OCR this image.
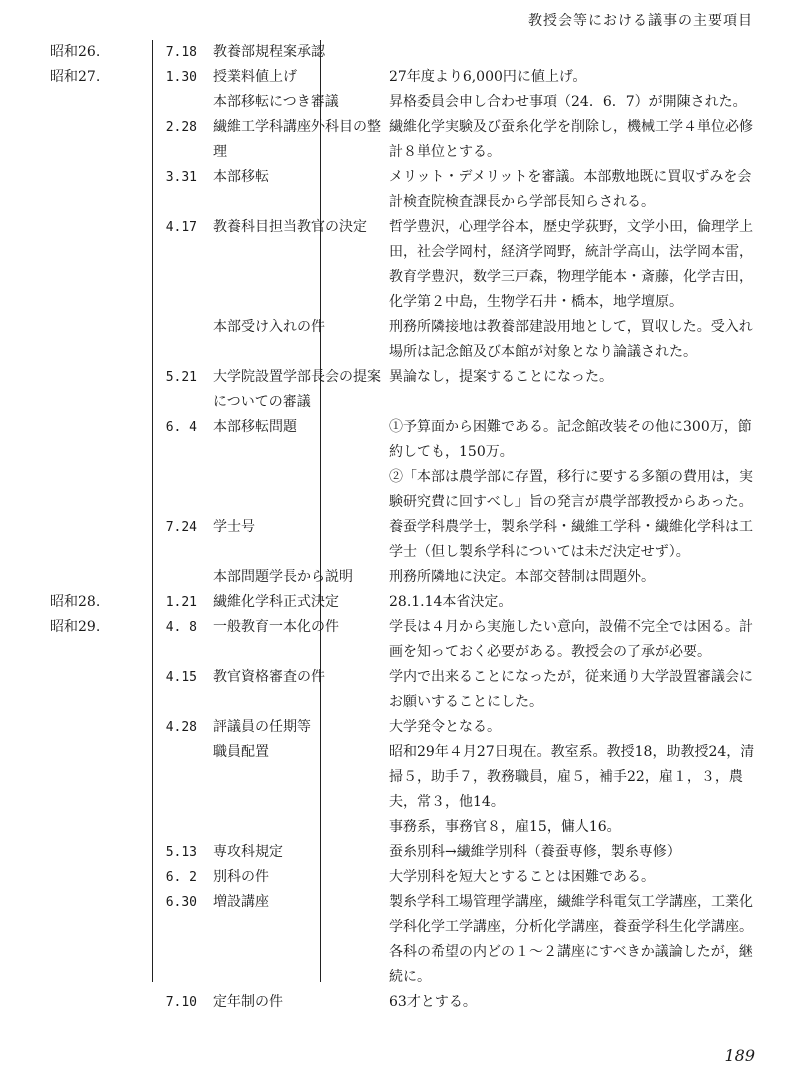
教授会等における議事の主要項目
昭和26.	7.18	教養部規程案承認	
昭和27.	1.30	授業料値上げ	27年度より6,000円に値上げ。
		本部移転につき審議	昇格委員会申し合わせ事項（24．6．7）が開陳された。
	2.28	繊維工学科講座外科目の整理	繊維化学実験及び蚕糸化学を削除し，機械工学４単位必修計８単位とする。
	3.31	本部移転	メリット・デメリットを審議。本部敷地既に買収ずみを会計検査院検査課長から学部長知らされる。
	4.17	教養科目担当教官の決定	哲学豊沢，心理学谷本，歴史学荻野，文学小田，倫理学上田，社会学岡村，経済学岡野，統計学高山，法学岡本雷，教育学豊沢，数学三戸森，物理学能本・斎藤，化学吉田，化学第２中島，生物学石井・橋本，地学壇原。
		本部受け入れの件	刑務所隣接地は教養部建設用地として，買収した。受入れ場所は記念館及び本館が対象となり論議された。
	5.21	大学院設置学部長会の提案についての審議	異論なし，提案することになった。
	6. 4	本部移転問題	①予算面から困難である。記念館改装その他に300万，節約しても，150万。
			②「本部は農学部に存置，移行に要する多額の費用は，実験研究費に回すべし」旨の発言が農学部教授からあった。
	7.24	学士号	養蚕学科農学士，製糸学科・繊維工学科・繊維化学科は工学士（但し製糸学科については未だ決定せず）。
		本部問題学長から説明	刑務所隣地に決定。本部交替制は問題外。
昭和28.	1.21	繊維化学科正式決定	28.1.14本省決定。
昭和29.	4. 8	一般教育一本化の件	学長は４月から実施したい意向，設備不完全では困る。計画を知っておく必要がある。教授会の了承が必要。
	4.15	教官資格審査の件	学内で出来ることになったが，従来通り大学設置審議会にお願いすることにした。
	4.28	評議員の任期等	大学発令となる。
		職員配置	昭和29年４月27日現在。教室系。教授18，助教授24，清掃５，助手７，教務職員，雇５，補手22，雇１，３，農夫，常３，他14。
			事務系，事務官８，雇15，傭人16。
	5.13	専攻科規定	蚕糸別科→繊維学別科（養蚕専修，製糸専修）
	6. 2	別科の件	大学別科を短大とすることは困難である。
	6.30	増設講座	製糸学科工場管理学講座，繊維学科電気工学講座，工業化学科化学工学講座，分析化学講座，養蚕学科生化学講座。各科の希望の内どの１～２講座にすべきか議論したが，継続に。
	7.10	定年制の件	63才とする。
189
